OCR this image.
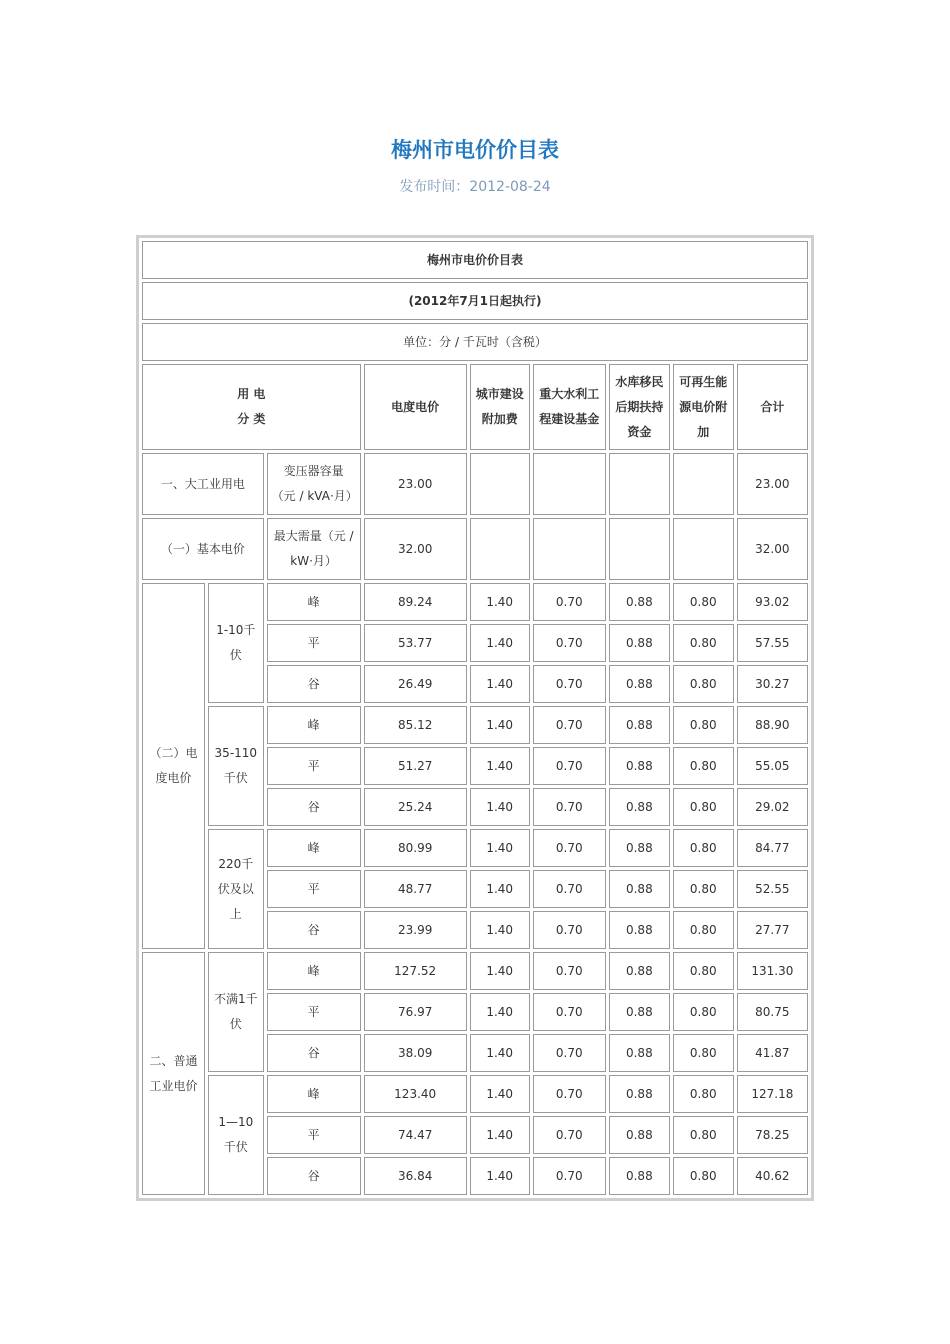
梅州市电价价目表
发布时间：2012-08-24
梅州市电价价目表								
(2012年7月1日起执行)								
单位：分 / 千瓦时（含税）								

用 电
分 类			电度电价	城市建设附加费	重大水利工程建设基金	水库移民后期扶持资金	可再生能源电价附加	合计
一、大工业用电		变压器容量（元 / kVA·月）	23.00					23.00
（一）基本电价		最大需量（元 / kW·月）	32.00					32.00
（二）电度电价	1-10千伏	峰	89.24	1.40	0.70	0.88	0.80	93.02
		平	53.77	1.40	0.70	0.88	0.80	57.55
		谷	26.49	1.40	0.70	0.88	0.80	30.27
	35-110千伏	峰	85.12	1.40	0.70	0.88	0.80	88.90
		平	51.27	1.40	0.70	0.88	0.80	55.05
		谷	25.24	1.40	0.70	0.88	0.80	29.02
	220千伏及以上	峰	80.99	1.40	0.70	0.88	0.80	84.77
		平	48.77	1.40	0.70	0.88	0.80	52.55
		谷	23.99	1.40	0.70	0.88	0.80	27.77
二、普通工业电价	不满1千伏	峰	127.52	1.40	0.70	0.88	0.80	131.30
		平	76.97	1.40	0.70	0.88	0.80	80.75
		谷	38.09	1.40	0.70	0.88	0.80	41.87
	1—10千伏	峰	123.40	1.40	0.70	0.88	0.80	127.18
		平	74.47	1.40	0.70	0.88	0.80	78.25
		谷	36.84	1.40	0.70	0.88	0.80	40.62
